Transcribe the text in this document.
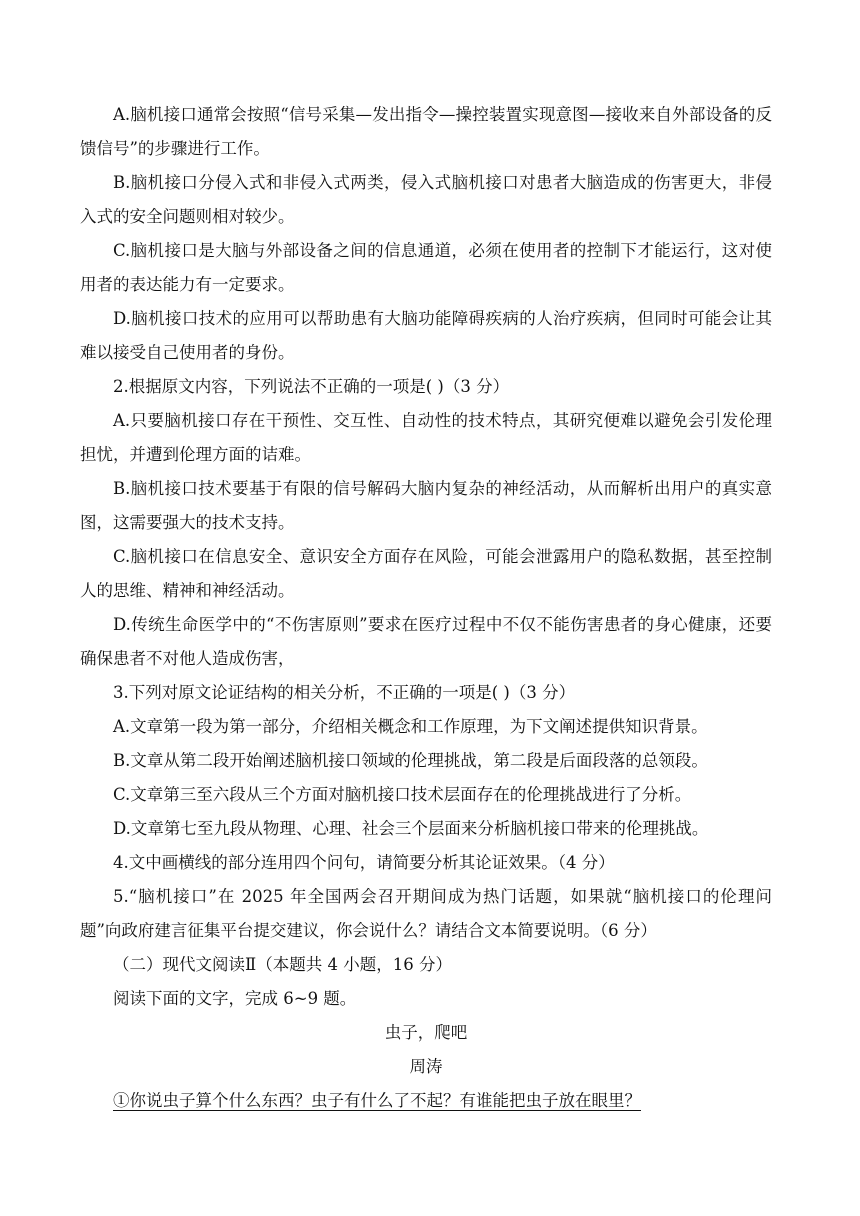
A.脑机接口通常会按照“信号采集—发出指令—操控装置实现意图—接收来自外部设备的反馈信号”的步骤进行工作。

B.脑机接口分侵入式和非侵入式两类，侵入式脑机接口对患者大脑造成的伤害更大，非侵入式的安全问题则相对较少。

C.脑机接口是大脑与外部设备之间的信息通道，必须在使用者的控制下才能运行，这对使用者的表达能力有一定要求。

D.脑机接口技术的应用可以帮助患有大脑功能障碍疾病的人治疗疾病，但同时可能会让其难以接受自己使用者的身份。

2.根据原文内容，下列说法不正确的一项是( )（3 分）

A.只要脑机接口存在干预性、交互性、自动性的技术特点，其研究便难以避免会引发伦理担忧，并遭到伦理方面的诘难。

B.脑机接口技术要基于有限的信号解码大脑内复杂的神经活动，从而解析出用户的真实意图，这需要强大的技术支持。

C.脑机接口在信息安全、意识安全方面存在风险，可能会泄露用户的隐私数据，甚至控制人的思维、精神和神经活动。

D.传统生命医学中的“不伤害原则”要求在医疗过程中不仅不能伤害患者的身心健康，还要确保患者不对他人造成伤害，

3.下列对原文论证结构的相关分析，不正确的一项是( )（3 分）

A.文章第一段为第一部分，介绍相关概念和工作原理，为下文阐述提供知识背景。

B.文章从第二段开始阐述脑机接口领域的伦理挑战，第二段是后面段落的总领段。

C.文章第三至六段从三个方面对脑机接口技术层面存在的伦理挑战进行了分析。

D.文章第七至九段从物理、心理、社会三个层面来分析脑机接口带来的伦理挑战。

4.文中画横线的部分连用四个问句，请简要分析其论证效果。（4 分）

5.“脑机接口”在 2025 年全国两会召开期间成为热门话题，如果就“脑机接口的伦理问题”向政府建言征集平台提交建议，你会说什么？请结合文本简要说明。（6 分）

（二）现代文阅读Ⅱ（本题共 4 小题，16 分）

阅读下面的文字，完成 6~9 题。

虫子，爬吧

周涛

①你说虫子算个什么东西？虫子有什么了不起？有谁能把虫子放在眼里？
